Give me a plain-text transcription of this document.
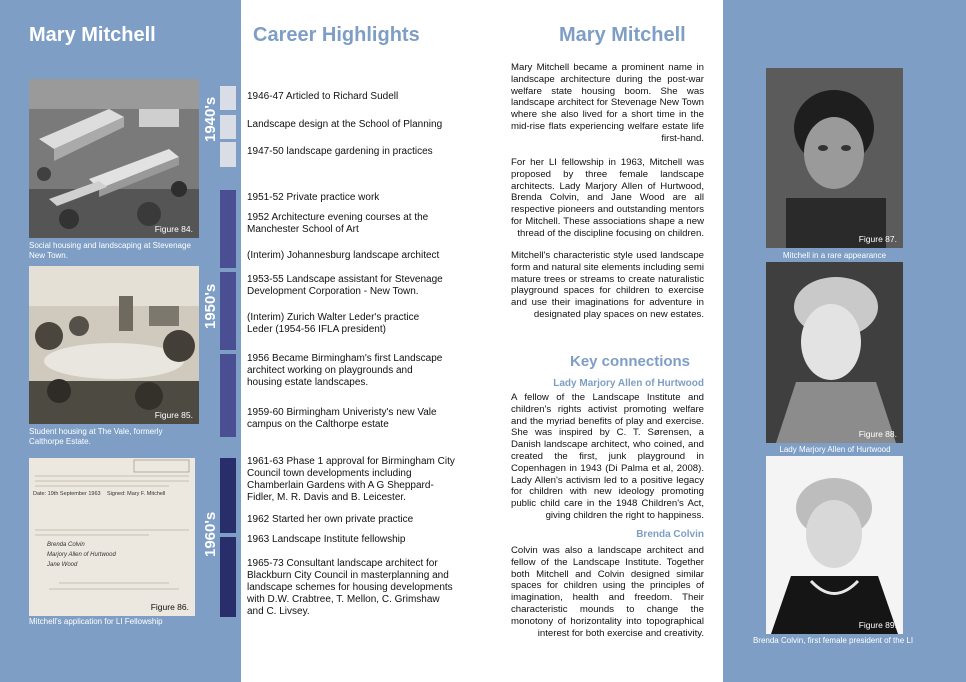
Mary Mitchell	Career Highlights	Mary Mitchell
Figure 84.
Social housing and landscaping at Stevenage New Town.
Figure 85.
Student housing at The Vale, formerly Calthorpe Estate.
Date: 19th September 1963 Signed: Mary F. Mitchell
Brenda Colvin
Marjory Allen of Hurtwood
Jane Wood
Figure 86.
Mitchell's application for LI Fellowship
1940's
1950's
1960's
1946-47 Articled to Richard Sudell
Landscape design at the School of Planning
1947-50 landscape gardening in practices
1951-52 Private practice work
1952 Architecture evening courses at the Manchester School of Art
(Interim) Johannesburg landscape architect
1953-55 Landscape assistant for Stevenage Development Corporation - New Town.
(Interim) Zurich Walter Leder's practice Leder (1954-56 IFLA president)
1956 Became Birmingham's first Landscape architect working on playgrounds and housing estate landscapes.
1959-60 Birmingham Univeristy's new Vale campus on the Calthorpe estate
1961-63 Phase 1 approval for Birmingham City Council town developments including Chamberlain Gardens with A G Sheppard-Fidler, M. R. Davis and B. Leicester.
1962 Started her own private practice
1963 Landscape Institute fellowship
1965-73 Consultant landscape architect for Blackburn City Council in masterplanning and landscape schemes for housing developments with D.W. Crabtree, T. Mellon, C. Grimshaw and C. Livsey.
Mary Mitchell became a prominent name in landscape architecture during the post-war welfare state housing boom. She was landscape architect for Stevenage New Town where she also lived for a short time in the mid-rise flats experiencing welfare estate life first-hand.
For her LI fellowship in 1963, Mitchell was proposed by three female landscape architects. Lady Marjory Allen of Hurtwood, Brenda Colvin, and Jane Wood are all respective pioneers and outstanding mentors for Mitchell. These associations shape a new thread of the discipline focusing on children.
Mitchell's characteristic style used landscape form and natural site elements including semi mature trees or streams to create naturalistic playground spaces for children to exercise and use their imaginations for adventure in designated play spaces on new estates.
Key connections
Lady Marjory Allen of Hurtwood
A fellow of the Landscape Institute and children's rights activist promoting welfare and the myriad benefits of play and exercise. She was inspired by C. T. Sørensen, a Danish landscape architect, who coined, and created the first, junk playground in Copenhagen in 1943 (Di Palma et al, 2008). Lady Allen's activism led to a positive legacy for children with new ideology promoting public child care in the 1948 Children's Act, giving children the right to happiness.
Brenda Colvin
Colvin was also a landscape architect and fellow of the Landscape Institute. Together both Mitchell and Colvin designed similar spaces for children using the principles of imagination, health and freedom. Their characteristic mounds to change the monotony of horizontality into topographical interest for both exercise and creativity.
Figure 87.
Mitchell in a rare appearance
Figure 88.
Lady Marjory Allen of Hurtwood
Figure 89.
Brenda Colvin, first female president of the LI
